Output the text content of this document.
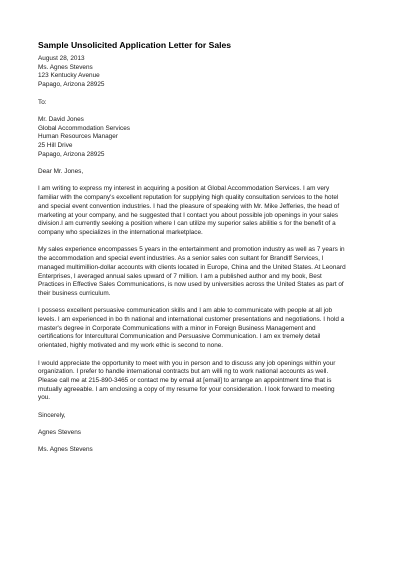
Sample Unsolicited Application Letter for Sales
August 28, 2013
Ms. Agnes Stevens
123 Kentucky Avenue
Papago, Arizona 28925
To:
Mr. David Jones
Global Accommodation Services
Human Resources Manager
25 Hill Drive
Papago, Arizona 28925
Dear Mr. Jones,
I am writing to express my interest in acquiring a position at Global Accommodation Services. I am very
familiar with the company's excellent reputation for supplying high quality consultation services to the hotel
and special event convention industries. I had the pleasure of speaking with Mr. Mike Jefferies, the head of
marketing at your company, and he suggested that I contact you about possible job openings in your sales
division.I am currently seeking a position where I can utilize my superior sales abilitie s for the benefit of a
company who specializes in the international marketplace.
My sales experience encompasses 5 years in the entertainment and promotion industry as well as 7 years in
the accommodation and special event industries. As a senior sales con sultant for Brandiff Services, I
managed multimillion-dollar accounts with clients located in Europe, China and the United States. At Leonard
Enterprises, I averaged annual sales upward of 7 million. I am a published author and my book, Best
Practices in Effective Sales Communications, is now used by universities across the United States as part of
their business curriculum.
I possess excellent persuasive communication skills and I am able to communicate with people at all job
levels. I am experienced in bo th national and international customer presentations and negotiations. I hold a
master's degree in Corporate Communications with a minor in Foreign Business Management and
certifications for Intercultural Communication and Persuasive Communication. I am ex tremely detail
orientated, highly motivated and my work ethic is second to none.
I would appreciate the opportunity to meet with you in person and to discuss any job openings within your
organization. I prefer to handle international contracts but am willi ng to work national accounts as well.
Please call me at 215-890-3465 or contact me by email at [email] to arrange an appointment time that is
mutually agreeable. I am enclosing a copy of my resume for your consideration. I look forward to meeting
you.
Sincerely,
Agnes Stevens
Ms. Agnes Stevens
